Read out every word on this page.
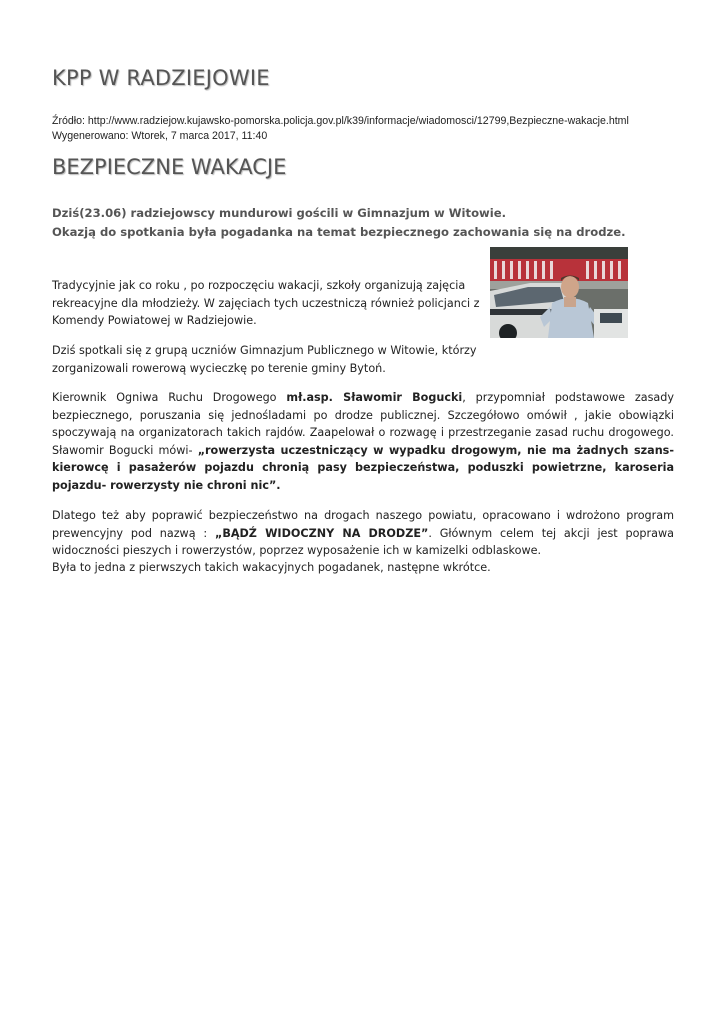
KPP W RADZIEJOWIE
Źródło: http://www.radziejow.kujawsko-pomorska.policja.gov.pl/k39/informacje/wiadomosci/12799,Bezpieczne-wakacje.html
Wygenerowano: Wtorek, 7 marca 2017, 11:40
BEZPIECZNE WAKACJE
Dziś(23.06) radziejowscy mundurowi gościli w Gimnazjum w Witowie.
Okazją do spotkania była pogadanka na temat bezpiecznego zachowania się na drodze.
Tradycyjnie jak co roku , po rozpoczęciu wakacji, szkoły organizują zajęcia rekreacyjne dla młodzieży. W zajęciach tych uczestniczą również policjanci z Komendy Powiatowej w Radziejowie.
Dziś spotkali się z grupą uczniów Gimnazjum Publicznego w Witowie, którzy zorganizowali rowerową wycieczkę po terenie gminy Bytoń.
Kierownik Ogniwa Ruchu Drogowego mł.asp. Sławomir Bogucki, przypomniał podstawowe zasady bezpiecznego, poruszania się jednośladami po drodze publicznej. Szczegółowo omówił , jakie obowiązki spoczywają na organizatorach takich rajdów. Zaapelował o rozwagę i przestrzeganie zasad ruchu drogowego. Sławomir Bogucki mówi- „rowerzysta uczestniczący w wypadku drogowym, nie ma żadnych szans- kierowcę i pasażerów pojazdu chronią pasy bezpieczeństwa, poduszki powietrzne, karoseria pojazdu- rowerzysty nie chroni nic”.
Dlatego też aby poprawić bezpieczeństwo na drogach naszego powiatu, opracowano i wdrożono program prewencyjny pod nazwą : „BĄDŹ WIDOCZNY NA DRODZE”. Głównym celem tej akcji jest poprawa widoczności pieszych i rowerzystów, poprzez wyposażenie ich w kamizelki odblaskowe.
Była to jedna z pierwszych takich wakacyjnych pogadanek, następne wkrótce.
